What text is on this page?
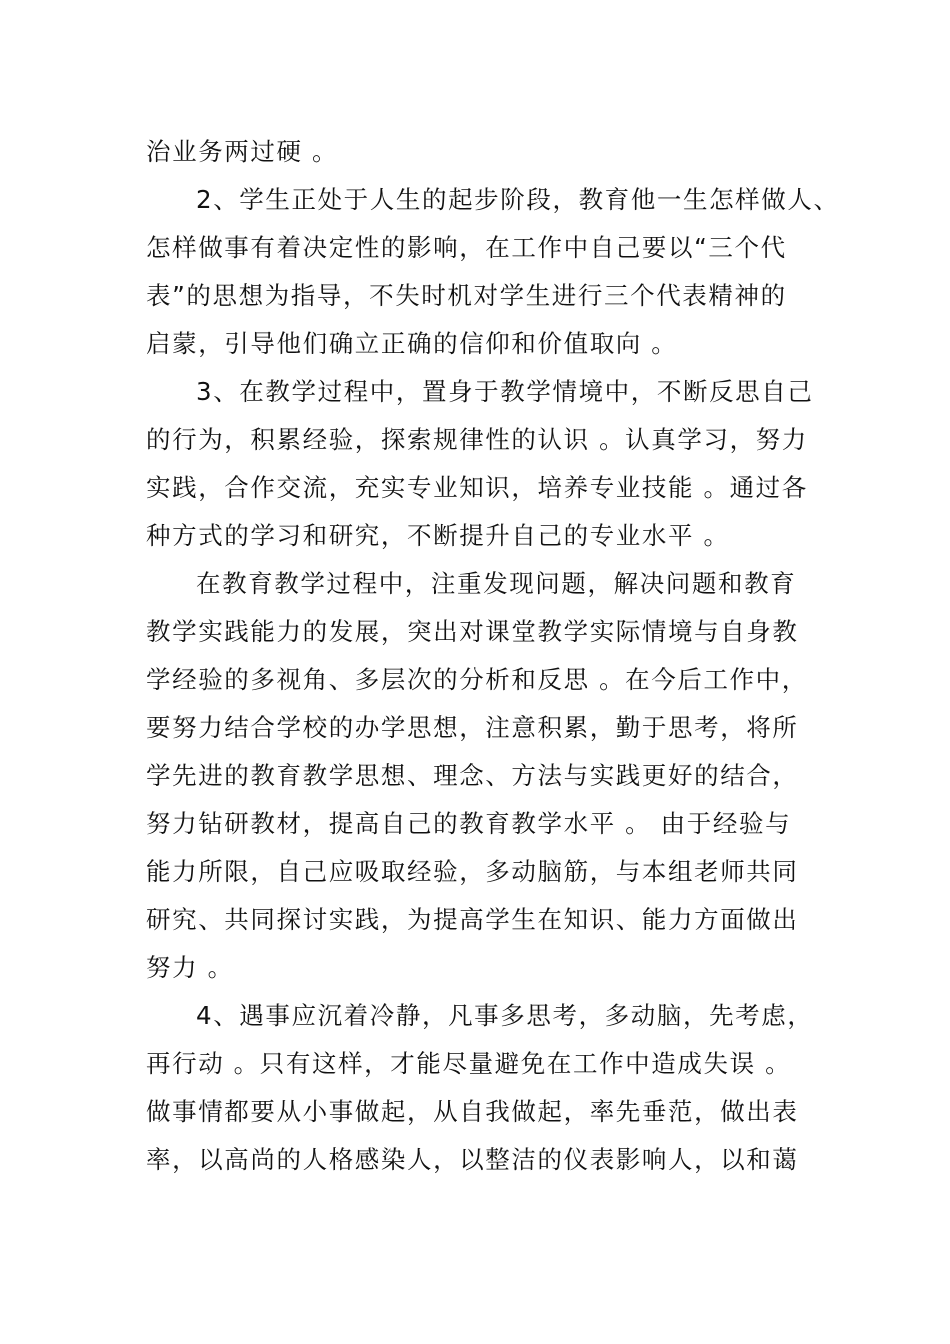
治业务两过硬 。
2、学生正处于人生的起步阶段，教育他一生怎样做人、
怎样做事有着决定性的影响，在工作中自己要以“三个代
表”的思想为指导，不失时机对学生进行三个代表精神的
启蒙，引导他们确立正确的信仰和价值取向 。
3、在教学过程中，置身于教学情境中，不断反思自己
的行为，积累经验，探索规律性的认识 。认真学习，努力
实践，合作交流，充实专业知识，培养专业技能 。通过各
种方式的学习和研究，不断提升自己的专业水平 。
在教育教学过程中，注重发现问题，解决问题和教育
教学实践能力的发展，突出对课堂教学实际情境与自身教
学经验的多视角、多层次的分析和反思 。在今后工作中，
要努力结合学校的办学思想，注意积累，勤于思考，将所
学先进的教育教学思想、理念、方法与实践更好的结合，
努力钻研教材，提高自己的教育教学水平 。 由于经验与
能力所限，自己应吸取经验，多动脑筋，与本组老师共同
研究、共同探讨实践，为提高学生在知识、能力方面做出
努力 。
4、遇事应沉着冷静，凡事多思考，多动脑，先考虑，
再行动 。只有这样，才能尽量避免在工作中造成失误 。
做事情都要从小事做起，从自我做起，率先垂范，做出表
率，以高尚的人格感染人，以整洁的仪表影响人，以和蔼
